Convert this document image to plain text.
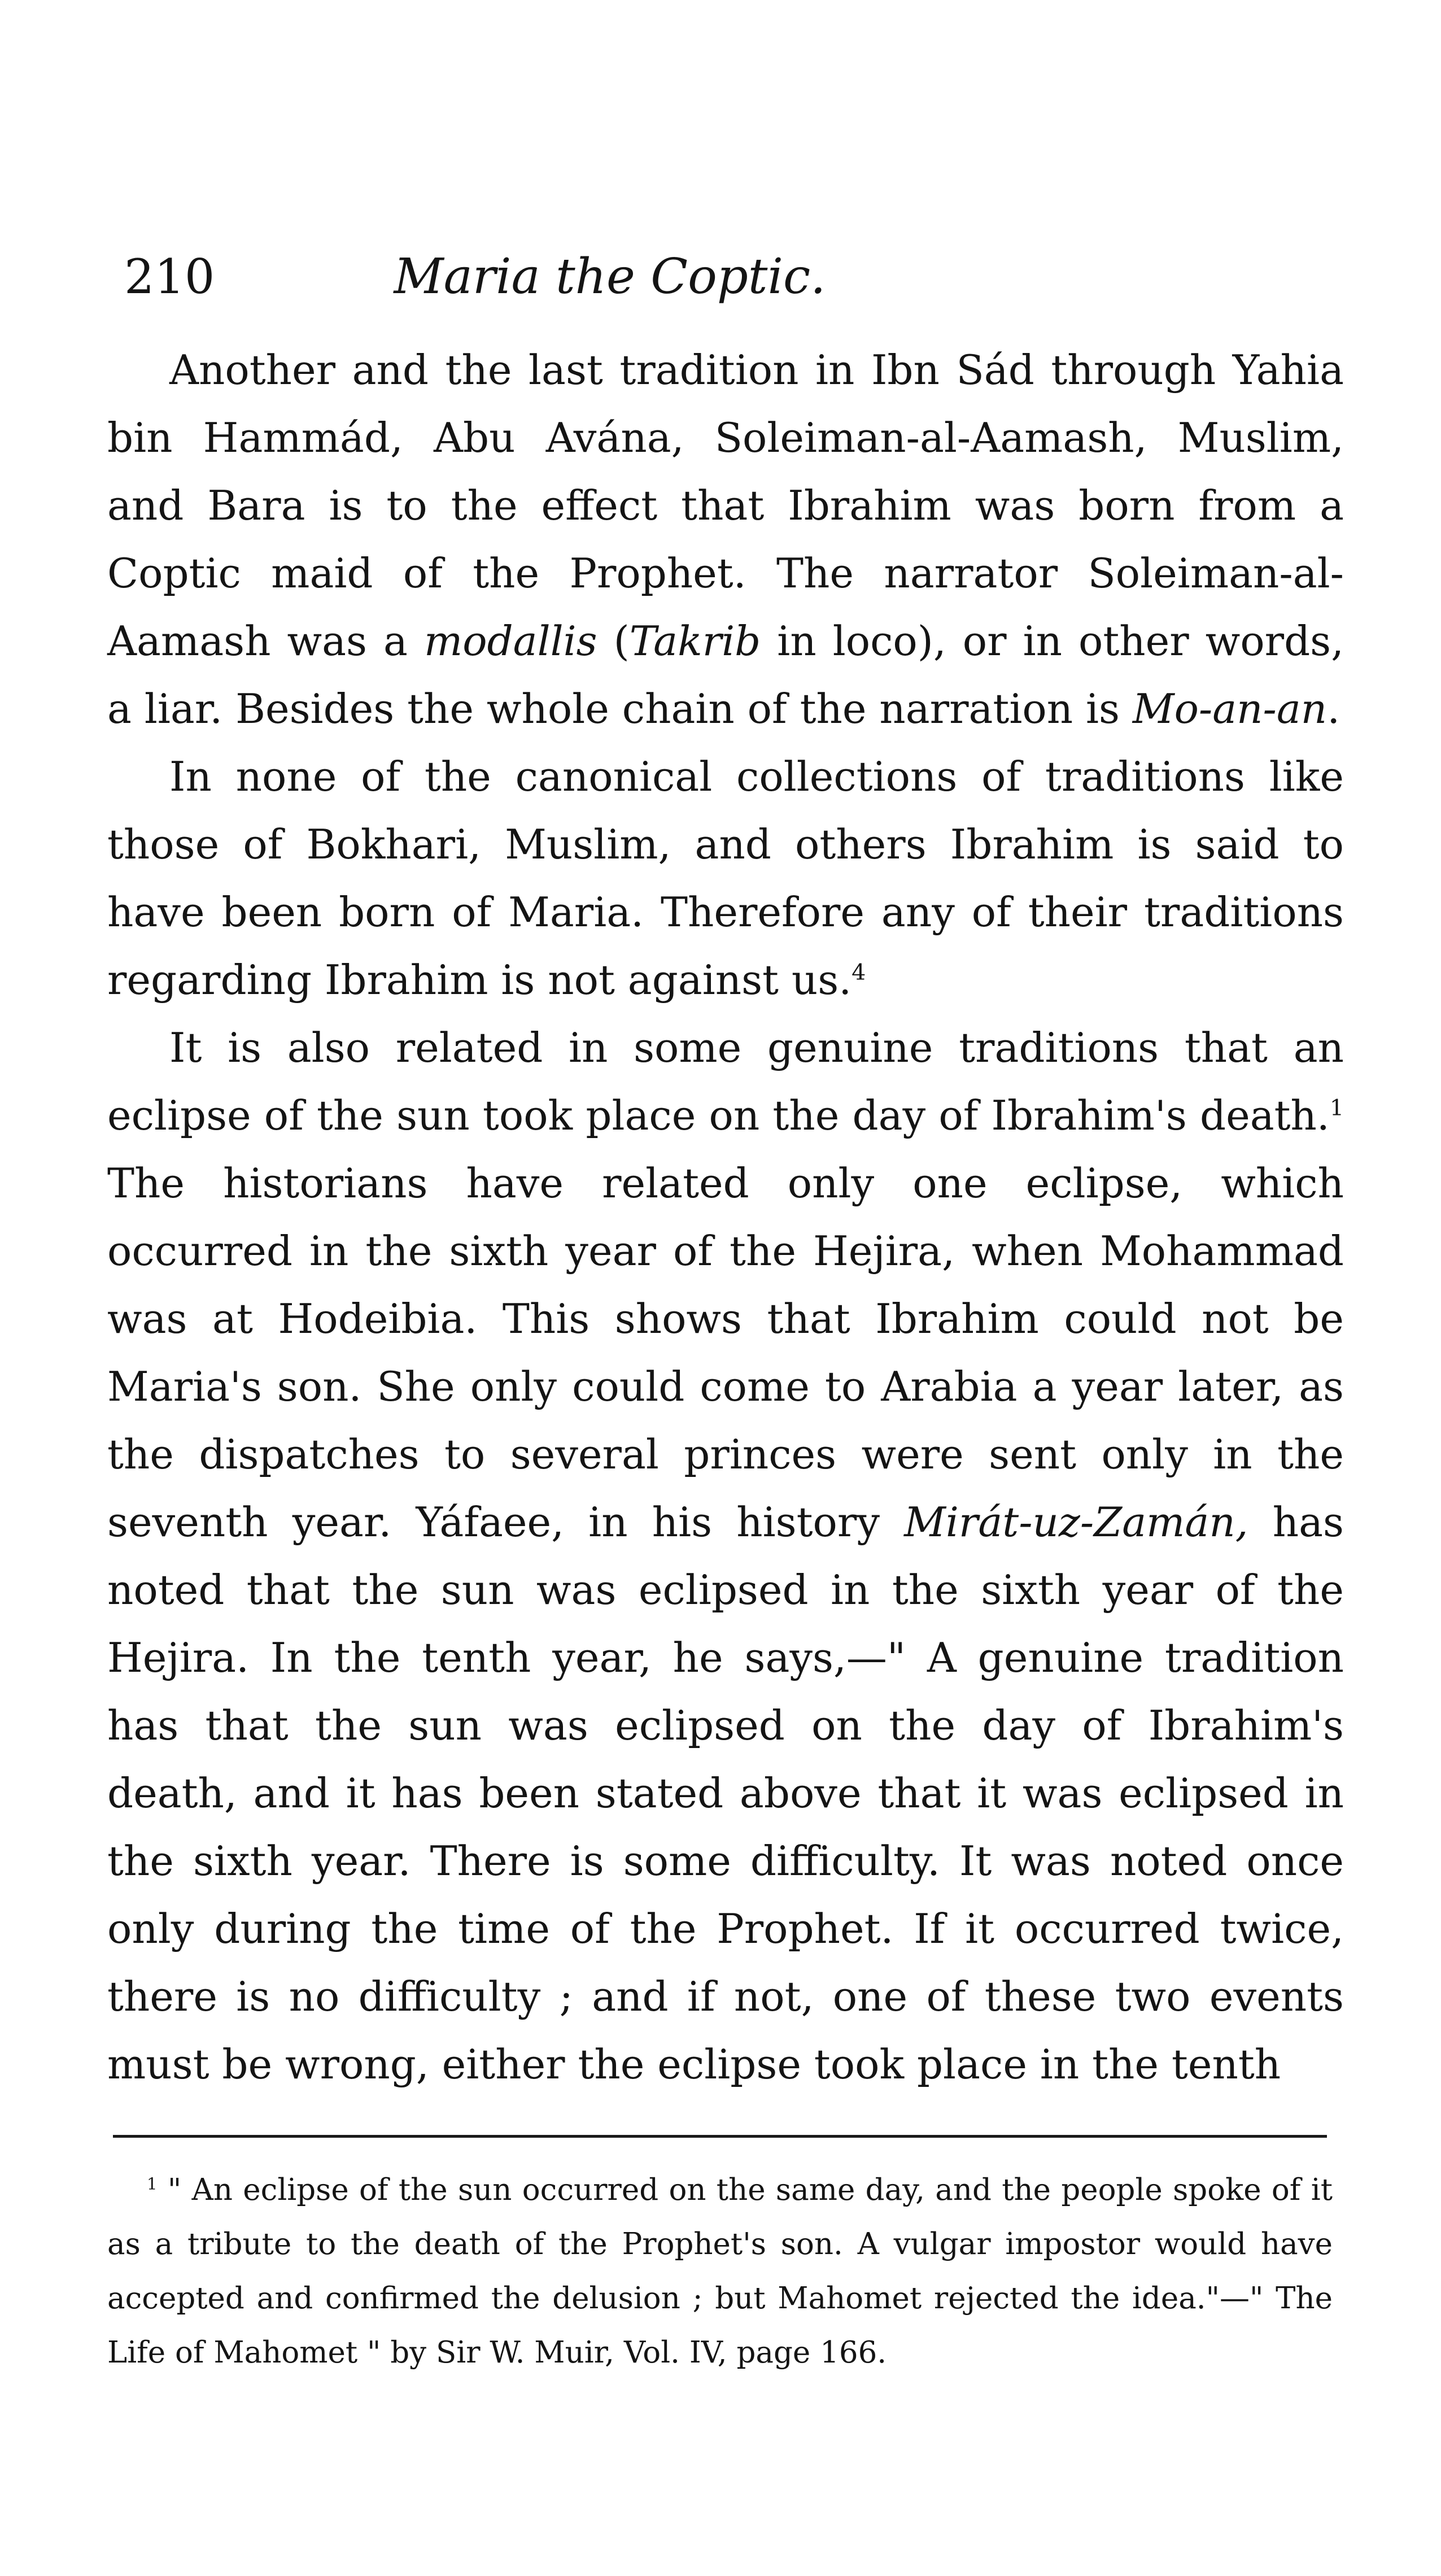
210	Maria the Coptic.

Another and the last tradition in Ibn Sád through Yahia bin Hammád, Abu Avána, Soleiman-al-Aamash, Muslim, and Bara is to the effect that Ibrahim was born from a Coptic maid of the Prophet. The narrator Soleiman-al-Aamash was a modallis (Takrib in loco), or in other words, a liar. Besides the whole chain of the narration is Mo-an-an.

In none of the canonical collections of traditions like those of Bokhari, Muslim, and others Ibrahim is said to have been born of Maria. Therefore any of their traditions regarding Ibrahim is not against us.$^4$

It is also related in some genuine traditions that an eclipse of the sun took place on the day of Ibrahim's death.$^1$ The historians have related only one eclipse, which occurred in the sixth year of the Hejira, when Mohammad was at Hodeibia. This shows that Ibrahim could not be Maria's son. She only could come to Arabia a year later, as the dispatches to several princes were sent only in the seventh year. Yáfaee, in his history Mirát-uz-Zamán, has noted that the sun was eclipsed in the sixth year of the Hejira. In the tenth year, he says,—" A genuine tradition has that the sun was eclipsed on the day of Ibrahim's death, and it has been stated above that it was eclipsed in the sixth year. There is some difficulty. It was noted once only during the time of the Prophet. If it occurred twice, there is no difficulty ; and if not, one of these two events must be wrong, either the eclipse took place in the tenth

$^1$ " An eclipse of the sun occurred on the same day, and the people spoke of it as a tribute to the death of the Prophet's son. A vulgar impostor would have accepted and confirmed the delusion ; but Mahomet rejected the idea."—" The Life of Mahomet " by Sir W. Muir, Vol. IV, page 166.
